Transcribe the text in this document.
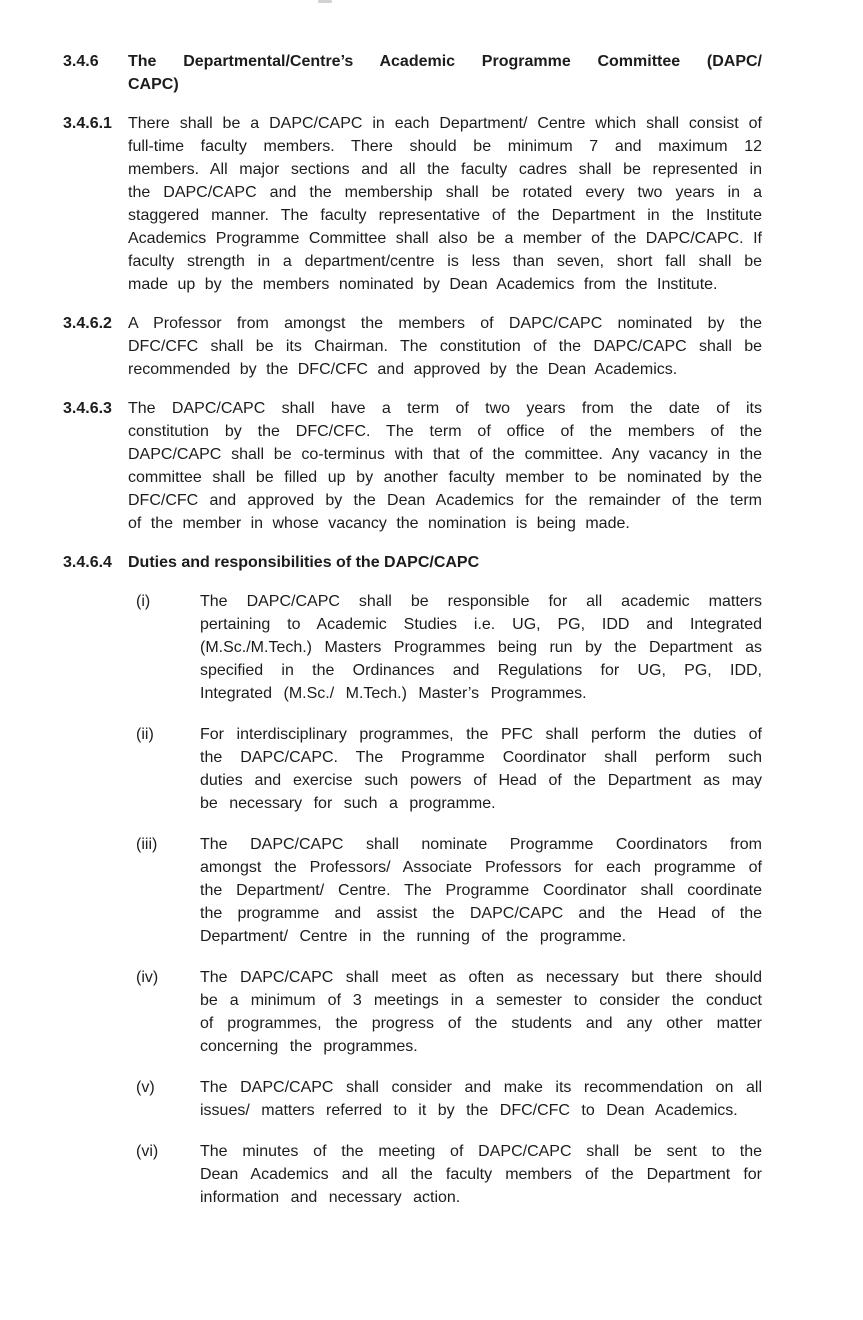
3.4.6	The Departmental/Centre’s Academic Programme Committee (DAPC/
CAPC)
3.4.6.1	There shall be a DAPC/CAPC in each Department/ Centre which shall consist of full-time faculty members. There should be minimum 7 and maximum 12 members. All major sections and all the faculty cadres shall be represented in the DAPC/CAPC and the membership shall be rotated every two years in a staggered manner. The faculty representative of the Department in the Institute Academics Programme Committee shall also be a member of the DAPC/CAPC. If faculty strength in a department/centre is less than seven, short fall shall be made up by the members nominated by Dean Academics from the Institute.
3.4.6.2	A Professor from amongst the members of DAPC/CAPC nominated by the DFC/CFC shall be its Chairman. The constitution of the DAPC/CAPC shall be recommended by the DFC/CFC and approved by the Dean Academics.
3.4.6.3	The DAPC/CAPC shall have a term of two years from the date of its constitution by the DFC/CFC. The term of office of the members of the DAPC/CAPC shall be co-terminus with that of the committee. Any vacancy in the committee shall be filled up by another faculty member to be nominated by the DFC/​CFC and approved by the Dean Academics for the remainder of the term of the member in whose vacancy the nomination is being made.
3.4.6.4	Duties and responsibilities of the DAPC/CAPC
(i)	The DAPC/CAPC shall be responsible for all academic matters pertaining to Academic Studies i.e. UG, PG, IDD and Integrated (M.Sc./M.Tech.) Masters Programmes being run by the Department as specified in the Ordinances and Regulations for UG, PG, IDD, Integrated (M.Sc./ M.Tech.) Master’s Programmes.
(ii)	For interdisciplinary programmes, the PFC shall perform the duties of the DAPC/CAPC. The Programme Coordinator shall perform such duties and exercise such powers of Head of the Department as may be necessary for such a programme.
(iii)	The DAPC/CAPC shall nominate Programme Coordinators from amongst the Professors/ Associate Professors for each programme of the Department/ Centre. The Programme Coordinator shall coordinate the programme and assist the DAPC/CAPC and the Head of the Department/ Centre in the running of the programme.
(iv)	The DAPC/CAPC shall meet as often as necessary but there should be a minimum of 3 meetings in a semester to consider the conduct of programmes, the progress of the students and any other matter concerning the programmes.
(v)	The DAPC/CAPC shall consider and make its recommendation on all issues/ matters referred to it by the DFC/CFC to Dean Academics.
(vi)	The minutes of the meeting of DAPC/CAPC shall be sent to the Dean Academics and all the faculty members of the Department for information and necessary action.
